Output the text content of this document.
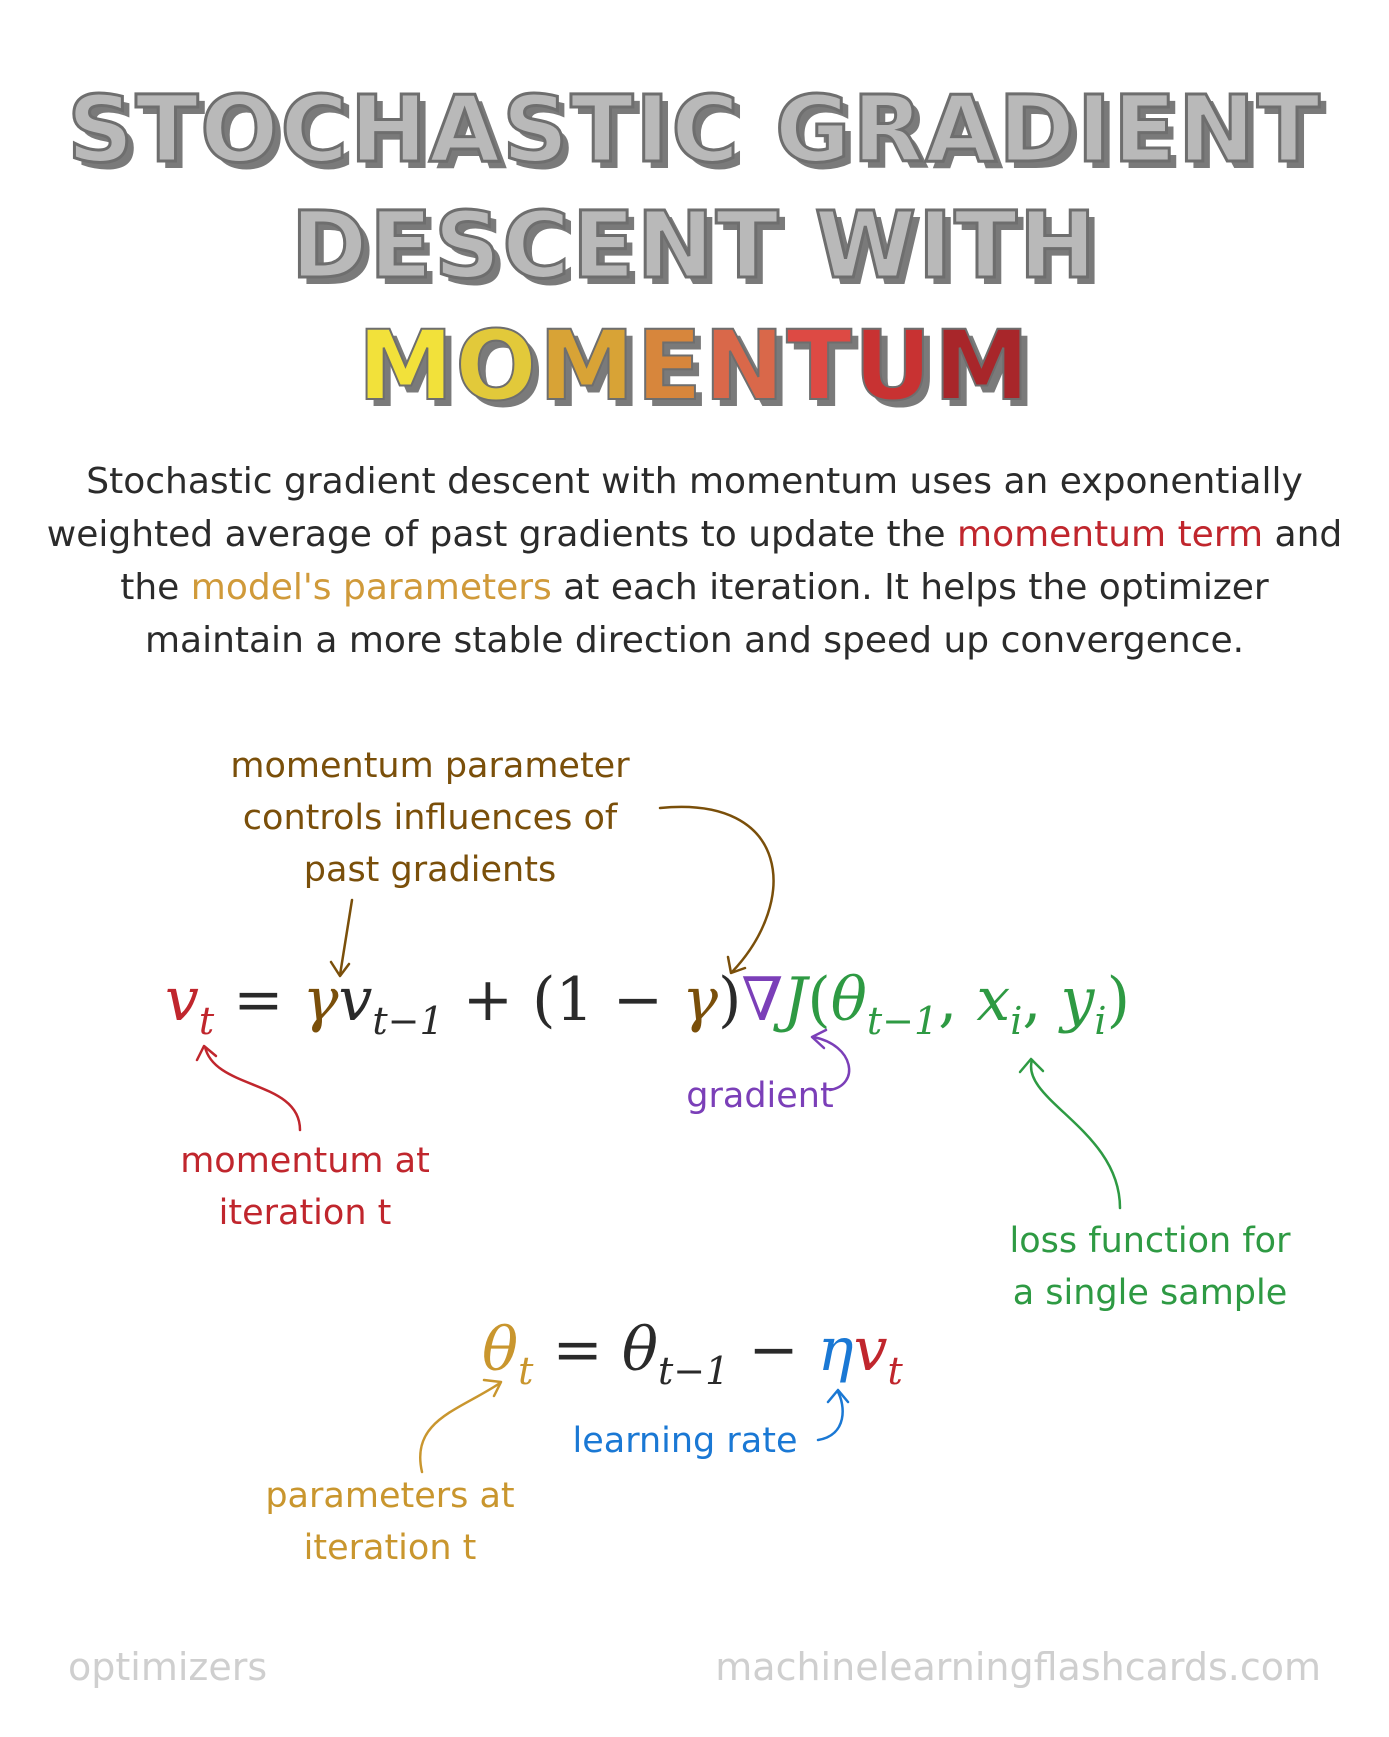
STOCHASTIC GRADIENT
DESCENT WITH
MOMENTUM
Stochastic gradient descent with momentum uses an exponentially weighted average of past gradients to update the momentum term and the model's parameters at each iteration. It helps the optimizer maintain a more stable direction and speed up convergence.
momentum parameter
controls influences of
past gradients
$v_t = \gamma v_{t-1} + (1 - \gamma)\nabla J(\theta_{t-1}$, $x_i$, $y_i$)
gradient
momentum at
iteration t
loss function for
a single sample
$\theta_t = \theta_{t-1} - \eta v_t$
learning rate
parameters at
iteration t
optimizers	machinelearningflashcards.com
